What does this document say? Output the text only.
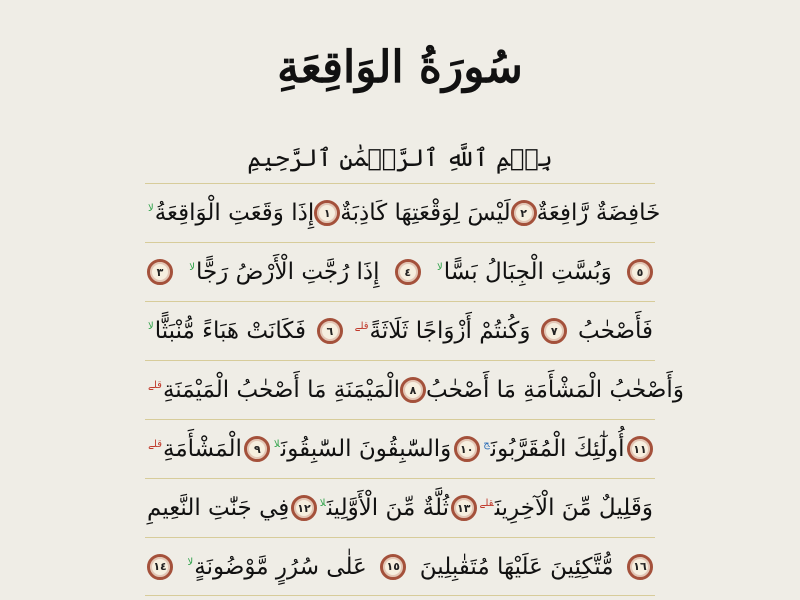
سُورَةُ الوَاقِعَةِ
بِسۡمِ ٱللَّهِ ٱلرَّحۡمَٰنِ ٱلرَّحِيمِ
إِذَا وَقَعَتِ الْوَاقِعَةُ$^{لا}$	١ لَيْسَ لِوَقْعَتِهَا كَاذِبَةٌ ٢ خَافِضَةٌ رَّافِعَةٌ
٣	إِذَا رُجَّتِ الْأَرْضُ رَجًّا$^{لا}$	٤	وَبُسَّتِ الْجِبَالُ بَسًّا$^{لا}$	٥
فَكَانَتْ هَبَاءً مُّنْبَثًّا$^{لا}$	٦	وَكُنتُمْ أَزْوَاجًا ثَلَاثَةً$^{قلے}$	٧ فَأَصْحٰبُ
الْمَيْمَنَةِ مَا أَصْحٰبُ الْمَيْمَنَةِ$^{قلے}$	٨ وَأَصْحٰبُ الْمَشْأَمَةِ مَا أَصْحٰبُ
الْمَشْأَمَةِ$^{قلے}$	٩ وَالسّٰبِقُونَ السّٰبِقُونَ$^{لا}$	١٠ أُولٰٓئِكَ الْمُقَرَّبُونَ$^ج$	١١
فِي جَنّٰتِ النَّعِيمِ ١٢ ثُلَّةٌ مِّنَ الْأَوَّلِينَ$^{لا}$	١٣	وَقَلِيلٌ مِّنَ الْآخِرِينَ$^{قلے}$
١٤	عَلٰى سُرُرٍ مَّوْضُونَةٍ$^{لا}$	١٥ مُّتَّكِئِينَ عَلَيْهَا مُتَقٰبِلِينَ	١٦
